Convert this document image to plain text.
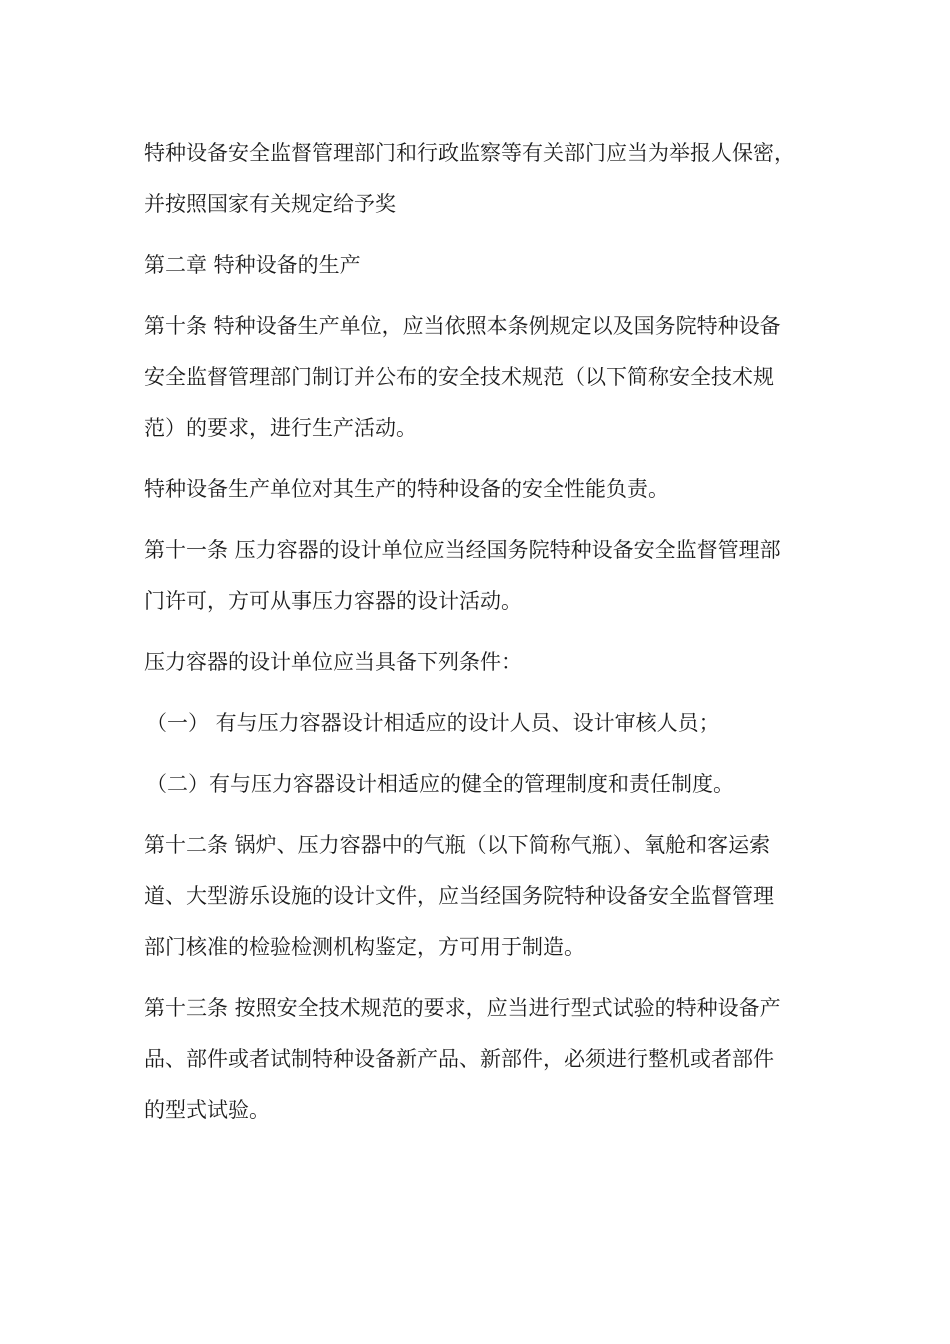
特种设备安全监督管理部门和行政监察等有关部门应当为举报人保密，
并按照国家有关规定给予奖

第二章 特种设备的生产

第十条 特种设备生产单位，应当依照本条例规定以及国务院特种设备
安全监督管理部门制订并公布的安全技术规范（以下简称安全技术规
范）的要求，进行生产活动。

特种设备生产单位对其生产的特种设备的安全性能负责。

第十一条 压力容器的设计单位应当经国务院特种设备安全监督管理部
门许可，方可从事压力容器的设计活动。

压力容器的设计单位应当具备下列条件：

（一） 有与压力容器设计相适应的设计人员、设计审核人员；

（二）有与压力容器设计相适应的健全的管理制度和责任制度。

第十二条 锅炉、压力容器中的气瓶（以下简称气瓶）、氧舱和客运索
道、大型游乐设施的设计文件，应当经国务院特种设备安全监督管理
部门核准的检验检测机构鉴定，方可用于制造。

第十三条 按照安全技术规范的要求，应当进行型式试验的特种设备产
品、部件或者试制特种设备新产品、新部件，必须进行整机或者部件
的型式试验。
